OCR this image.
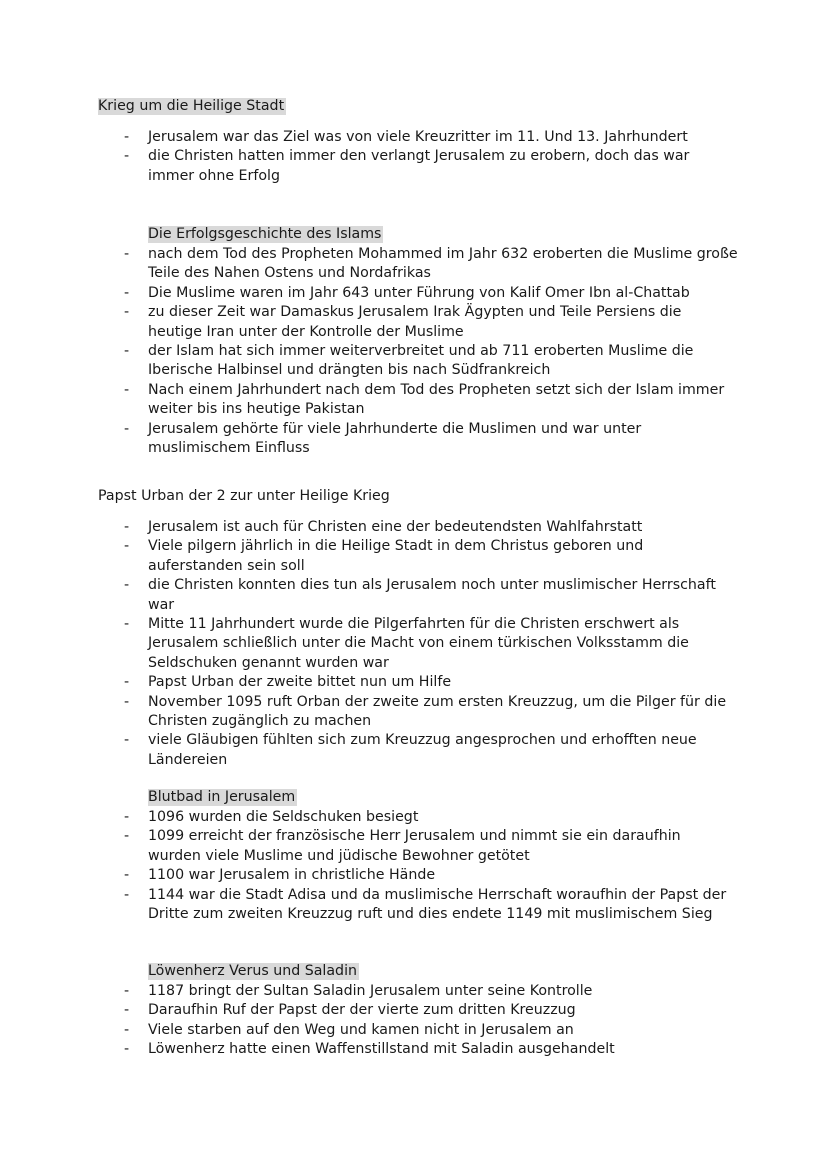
Krieg um die Heilige Stadt
- Jerusalem war das Ziel was von viele Kreuzritter im 11. Und 13. Jahrhundert
- die Christen hatten immer den verlangt Jerusalem zu erobern, doch das war immer ohne Erfolg
Die Erfolgsgeschichte des Islams
- nach dem Tod des Propheten Mohammed im Jahr 632 eroberten die Muslime große Teile des Nahen Ostens und Nordafrikas
- Die Muslime waren im Jahr 643 unter Führung von Kalif Omer Ibn al-Chattab
- zu dieser Zeit war Damaskus Jerusalem Irak Ägypten und Teile Persiens die heutige Iran unter der Kontrolle der Muslime
- der Islam hat sich immer weiterverbreitet und ab 711 eroberten Muslime die Iberische Halbinsel und drängten bis nach Südfrankreich
- Nach einem Jahrhundert nach dem Tod des Propheten setzt sich der Islam immer weiter bis ins heutige Pakistan
- Jerusalem gehörte für viele Jahrhunderte die Muslimen und war unter muslimischem Einfluss
Papst Urban der 2 zur unter Heilige Krieg
- Jerusalem ist auch für Christen eine der bedeutendsten Wahlfahrstatt
- Viele pilgern jährlich in die Heilige Stadt in dem Christus geboren und auferstanden sein soll
- die Christen konnten dies tun als Jerusalem noch unter muslimischer Herrschaft war
- Mitte 11 Jahrhundert wurde die Pilgerfahrten für die Christen erschwert als Jerusalem schließlich unter die Macht von einem türkischen Volksstamm die Seldschuken genannt wurden war
- Papst Urban der zweite bittet nun um Hilfe
- November 1095 ruft Orban der zweite zum ersten Kreuzzug, um die Pilger für die Christen zugänglich zu machen
- viele Gläubigen fühlten sich zum Kreuzzug angesprochen und erhofften neue Ländereien
Blutbad in Jerusalem
- 1096 wurden die Seldschuken besiegt
- 1099 erreicht der französische Herr Jerusalem und nimmt sie ein daraufhin wurden viele Muslime und jüdische Bewohner getötet
- 1100 war Jerusalem in christliche Hände
- 1144 war die Stadt Adisa und da muslimische Herrschaft woraufhin der Papst der Dritte zum zweiten Kreuzzug ruft und dies endete 1149 mit muslimischem Sieg
Löwenherz Verus und Saladin
- 1187 bringt der Sultan Saladin Jerusalem unter seine Kontrolle
- Daraufhin Ruf der Papst der der vierte zum dritten Kreuzzug
- Viele starben auf den Weg und kamen nicht in Jerusalem an
- Löwenherz hatte einen Waffenstillstand mit Saladin ausgehandelt
